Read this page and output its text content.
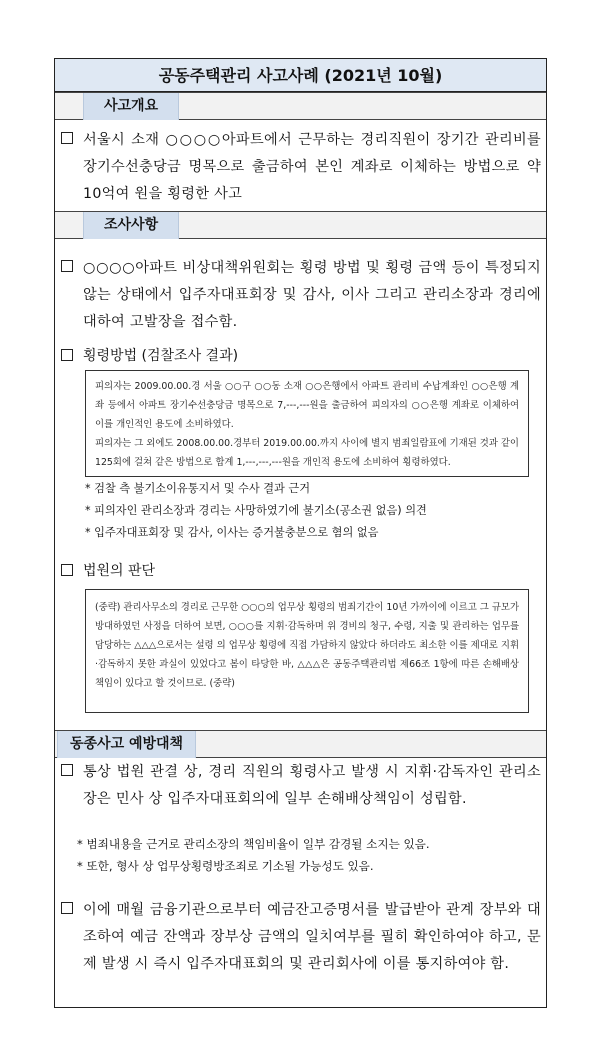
공동주택관리 사고사례 (2021년 10월)
사고개요
서울시 소재 ○○○○아파트에서 근무하는 경리직원이 장기간 관리비를 장기수선충당금 명목으로 출금하여 본인 계좌로 이체하는 방법으로 약 10억여 원을 횡령한 사고
조사사항
○○○○아파트 비상대책위원회는 횡령 방법 및 횡령 금액 등이 특정되지 않는 상태에서 입주자대표회장 및 감사, 이사 그리고 관리소장과 경리에 대하여 고발장을 접수함.
횡령방법 (검찰조사 결과)
피의자는 2009.00.00.경 서울 ○○구 ○○동 소재 ○○은행에서 아파트 관리비 수납계좌인 ○○은행 계좌 등에서 아파트 장기수선충당금 명목으로 7,---,---원을 출금하여 피의자의 ○○은행 계좌로 이체하여 이를 개인적인 용도에 소비하였다.
피의자는 그 외에도 2008.00.00.경부터 2019.00.00.까지 사이에 별지 범죄일람표에 기재된 것과 같이 125회에 걸쳐 같은 방법으로 합계 1,---,---,---원을 개인적 용도에 소비하여 횡령하였다.
* 검찰 측 불기소이유통지서 및 수사 결과 근거
* 피의자인 관리소장과 경리는 사망하였기에 불기소(공소권 없음) 의견
* 입주자대표회장 및 감사, 이사는 증거불충분으로 혐의 없음
법원의 판단
(중략) 관리사무소의 경리로 근무한 ○○○의 업무상 횡령의 범죄기간이 10년 가까이에 이르고 그 규모가 방대하였던 사정을 더하여 보면, ○○○를 지휘·감독하며 위 경비의 청구, 수령, 지출 및 관리하는 업무를 담당하는 △△△으로서는 설령 의 업무상 횡령에 직접 가담하지 않았다 하더라도 최소한 이를 제대로 지휘·감독하지 못한 과실이 있었다고 봄이 타당한 바, △△△은 공동주택관리법 제66조 1항에 따른 손해배상책임이 있다고 할 것이므로. (중략)
동종사고 예방대책
통상 법원 관결 상, 경리 직원의 횡령사고 발생 시 지휘·감독자인 관리소장은 민사 상 입주자대표회의에 일부 손해배상책임이 성립함.
* 범죄내용을 근거로 관리소장의 책임비율이 일부 감경될 소지는 있음.
* 또한, 형사 상 업무상횡령방조죄로 기소될 가능성도 있음.
이에 매월 금융기관으로부터 예금잔고증명서를 발급받아 관계 장부와 대조하여 예금 잔액과 장부상 금액의 일치여부를 필히 확인하여야 하고, 문제 발생 시 즉시 입주자대표회의 및 관리회사에 이를 통지하여야 함.
